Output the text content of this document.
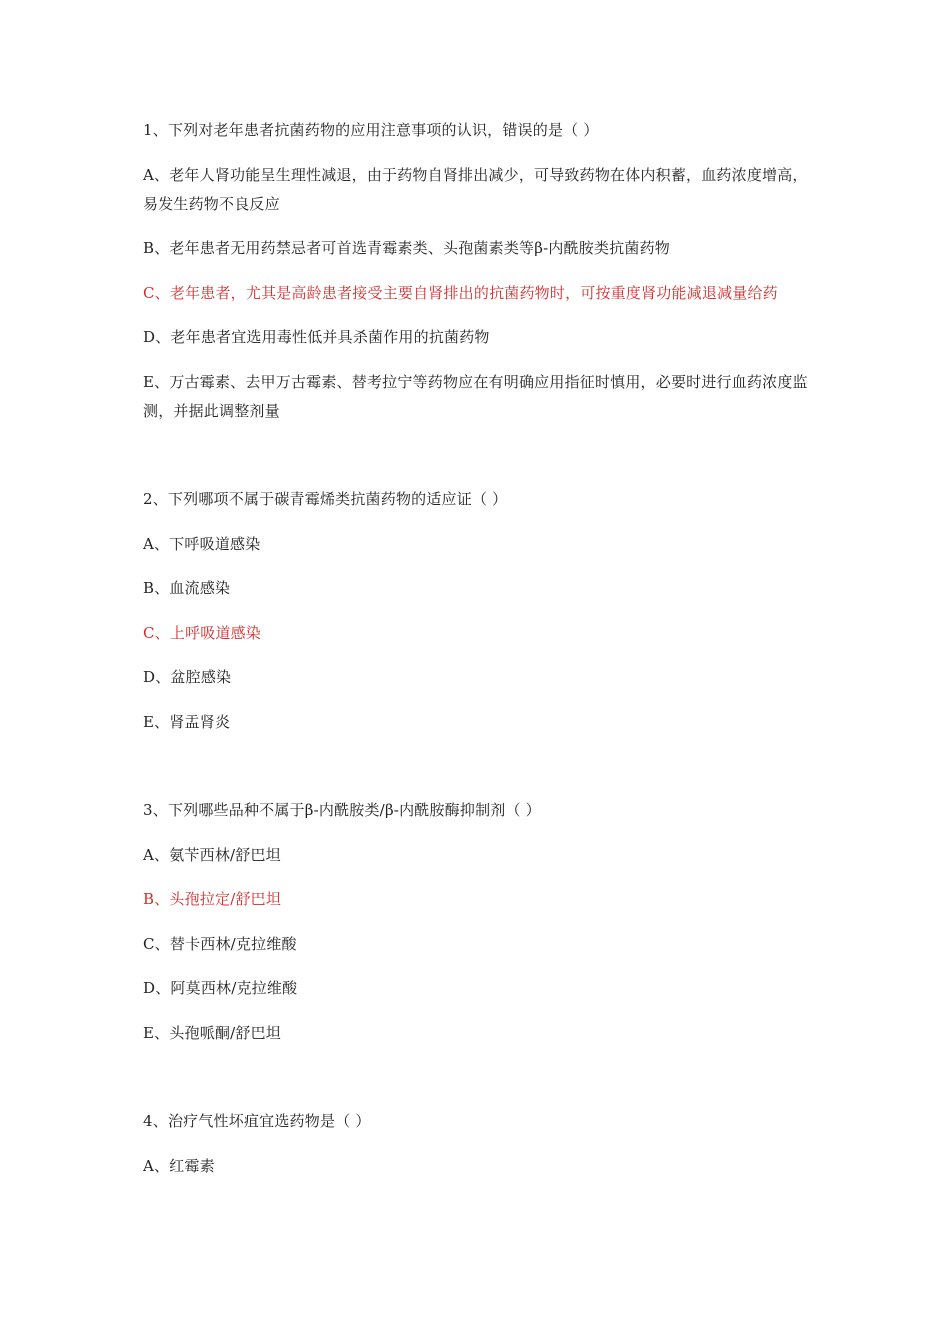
1、下列对老年患者抗菌药物的应用注意事项的认识，错误的是（ ）

A、老年人肾功能呈生理性减退，由于药物自肾排出减少，可导致药物在体内积蓄，血药浓度增高，易发生药物不良反应

B、老年患者无用药禁忌者可首选青霉素类、头孢菌素类等β-内酰胺类抗菌药物

C、老年患者，尤其是高龄患者接受主要自肾排出的抗菌药物时，可按重度肾功能减退减量给药

D、老年患者宜选用毒性低并具杀菌作用的抗菌药物

E、万古霉素、去甲万古霉素、替考拉宁等药物应在有明确应用指征时慎用，必要时进行血药浓度监测，并据此调整剂量

2、下列哪项不属于碳青霉烯类抗菌药物的适应证（ ）

A、下呼吸道感染

B、血流感染

C、上呼吸道感染

D、盆腔感染

E、肾盂肾炎

3、下列哪些品种不属于β-内酰胺类/β-内酰胺酶抑制剂（ ）

A、氨苄西林/舒巴坦

B、头孢拉定/舒巴坦

C、替卡西林/克拉维酸

D、阿莫西林/克拉维酸

E、头孢哌酮/舒巴坦

4、治疗气性坏疽宜选药物是（ ）

A、红霉素
